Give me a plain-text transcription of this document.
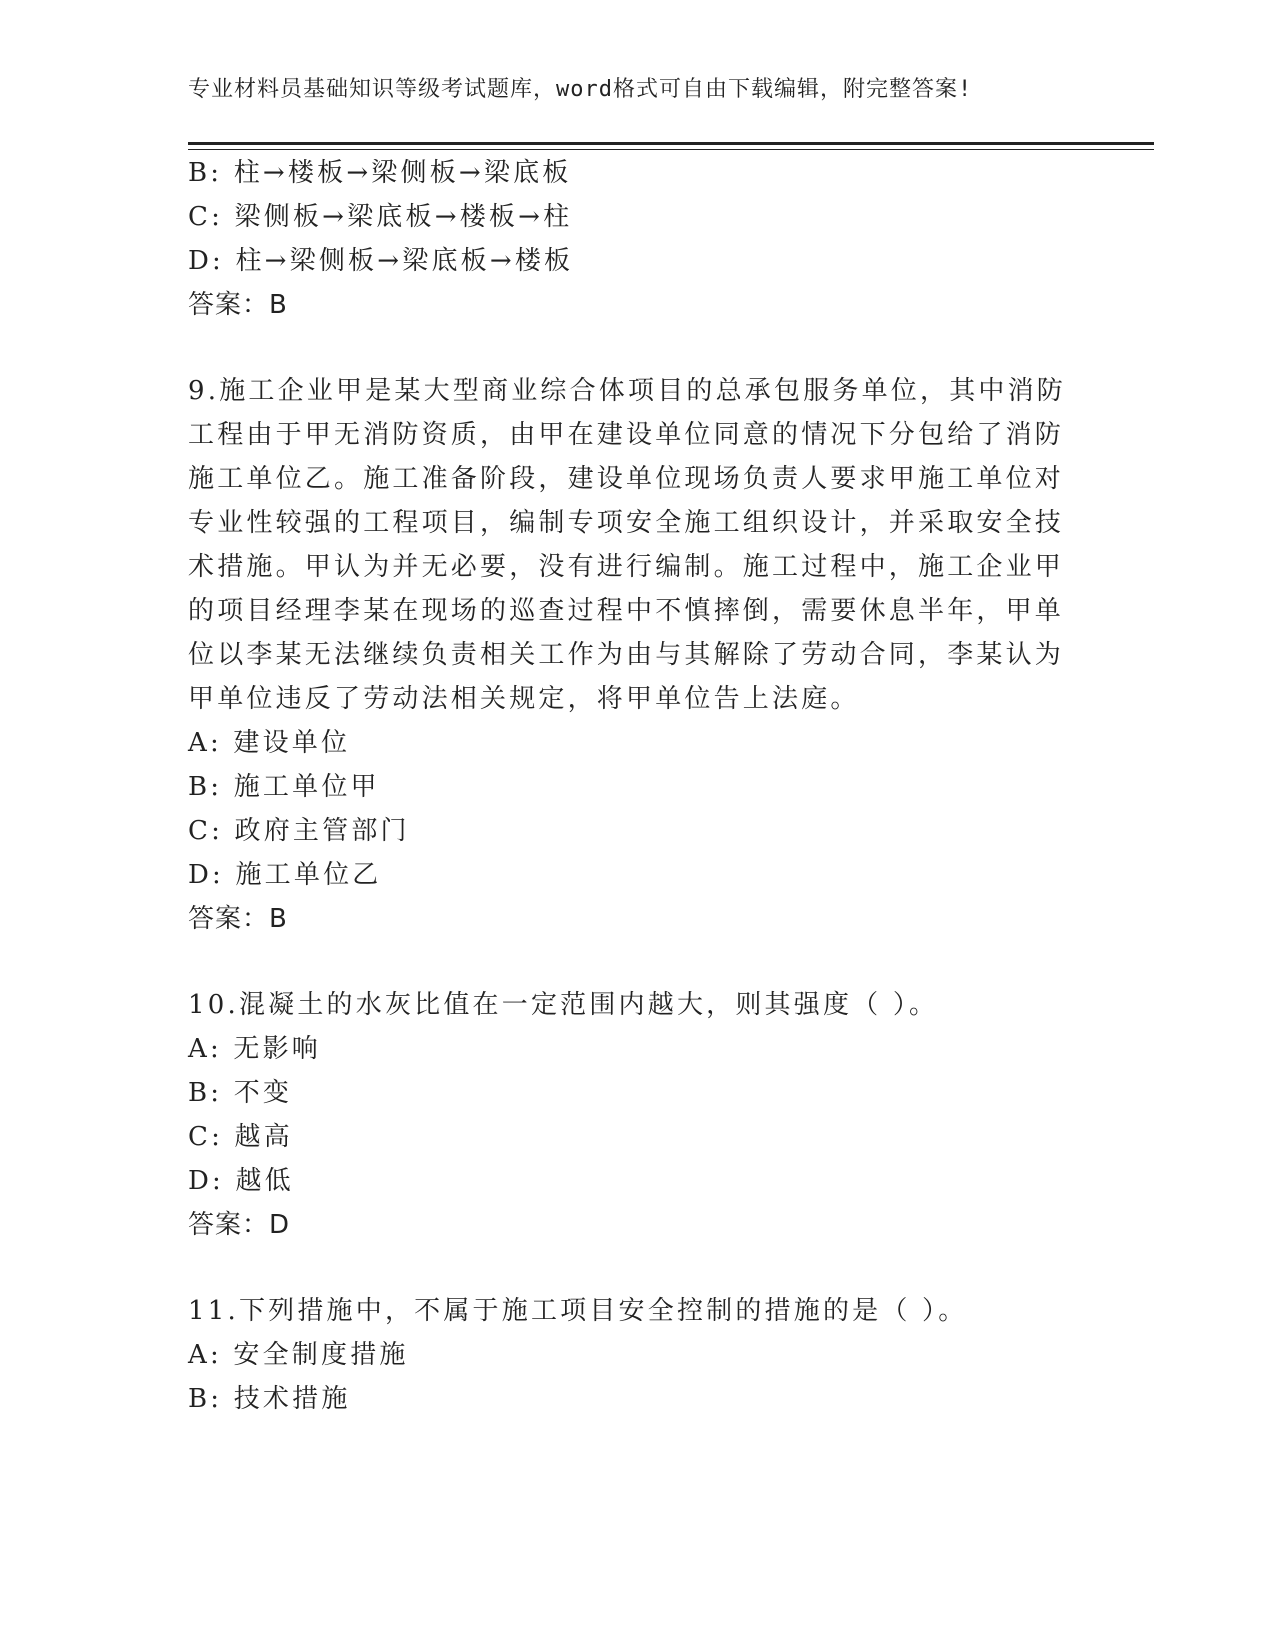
专业材料员基础知识等级考试题库，word格式可自由下载编辑，附完整答案!
B: 柱→楼板→梁侧板→梁底板
C: 梁侧板→梁底板→楼板→柱
D: 柱→梁侧板→梁底板→楼板
答案：B
9.施工企业甲是某大型商业综合体项目的总承包服务单位，其中消防
工程由于甲无消防资质，由甲在建设单位同意的情况下分包给了消防
施工单位乙。施工准备阶段，建设单位现场负责人要求甲施工单位对
专业性较强的工程项目，编制专项安全施工组织设计，并采取安全技
术措施。甲认为并无必要，没有进行编制。施工过程中，施工企业甲
的项目经理李某在现场的巡查过程中不慎摔倒，需要休息半年，甲单
位以李某无法继续负责相关工作为由与其解除了劳动合同，李某认为
甲单位违反了劳动法相关规定，将甲单位告上法庭。
A: 建设单位
B: 施工单位甲
C: 政府主管部门
D: 施工单位乙
答案：B
10.混凝土的水灰比值在一定范围内越大，则其强度（ ）。
A: 无影响
B: 不变
C: 越高
D: 越低
答案：D
11.下列措施中，不属于施工项目安全控制的措施的是（ ）。
A: 安全制度措施
B: 技术措施
